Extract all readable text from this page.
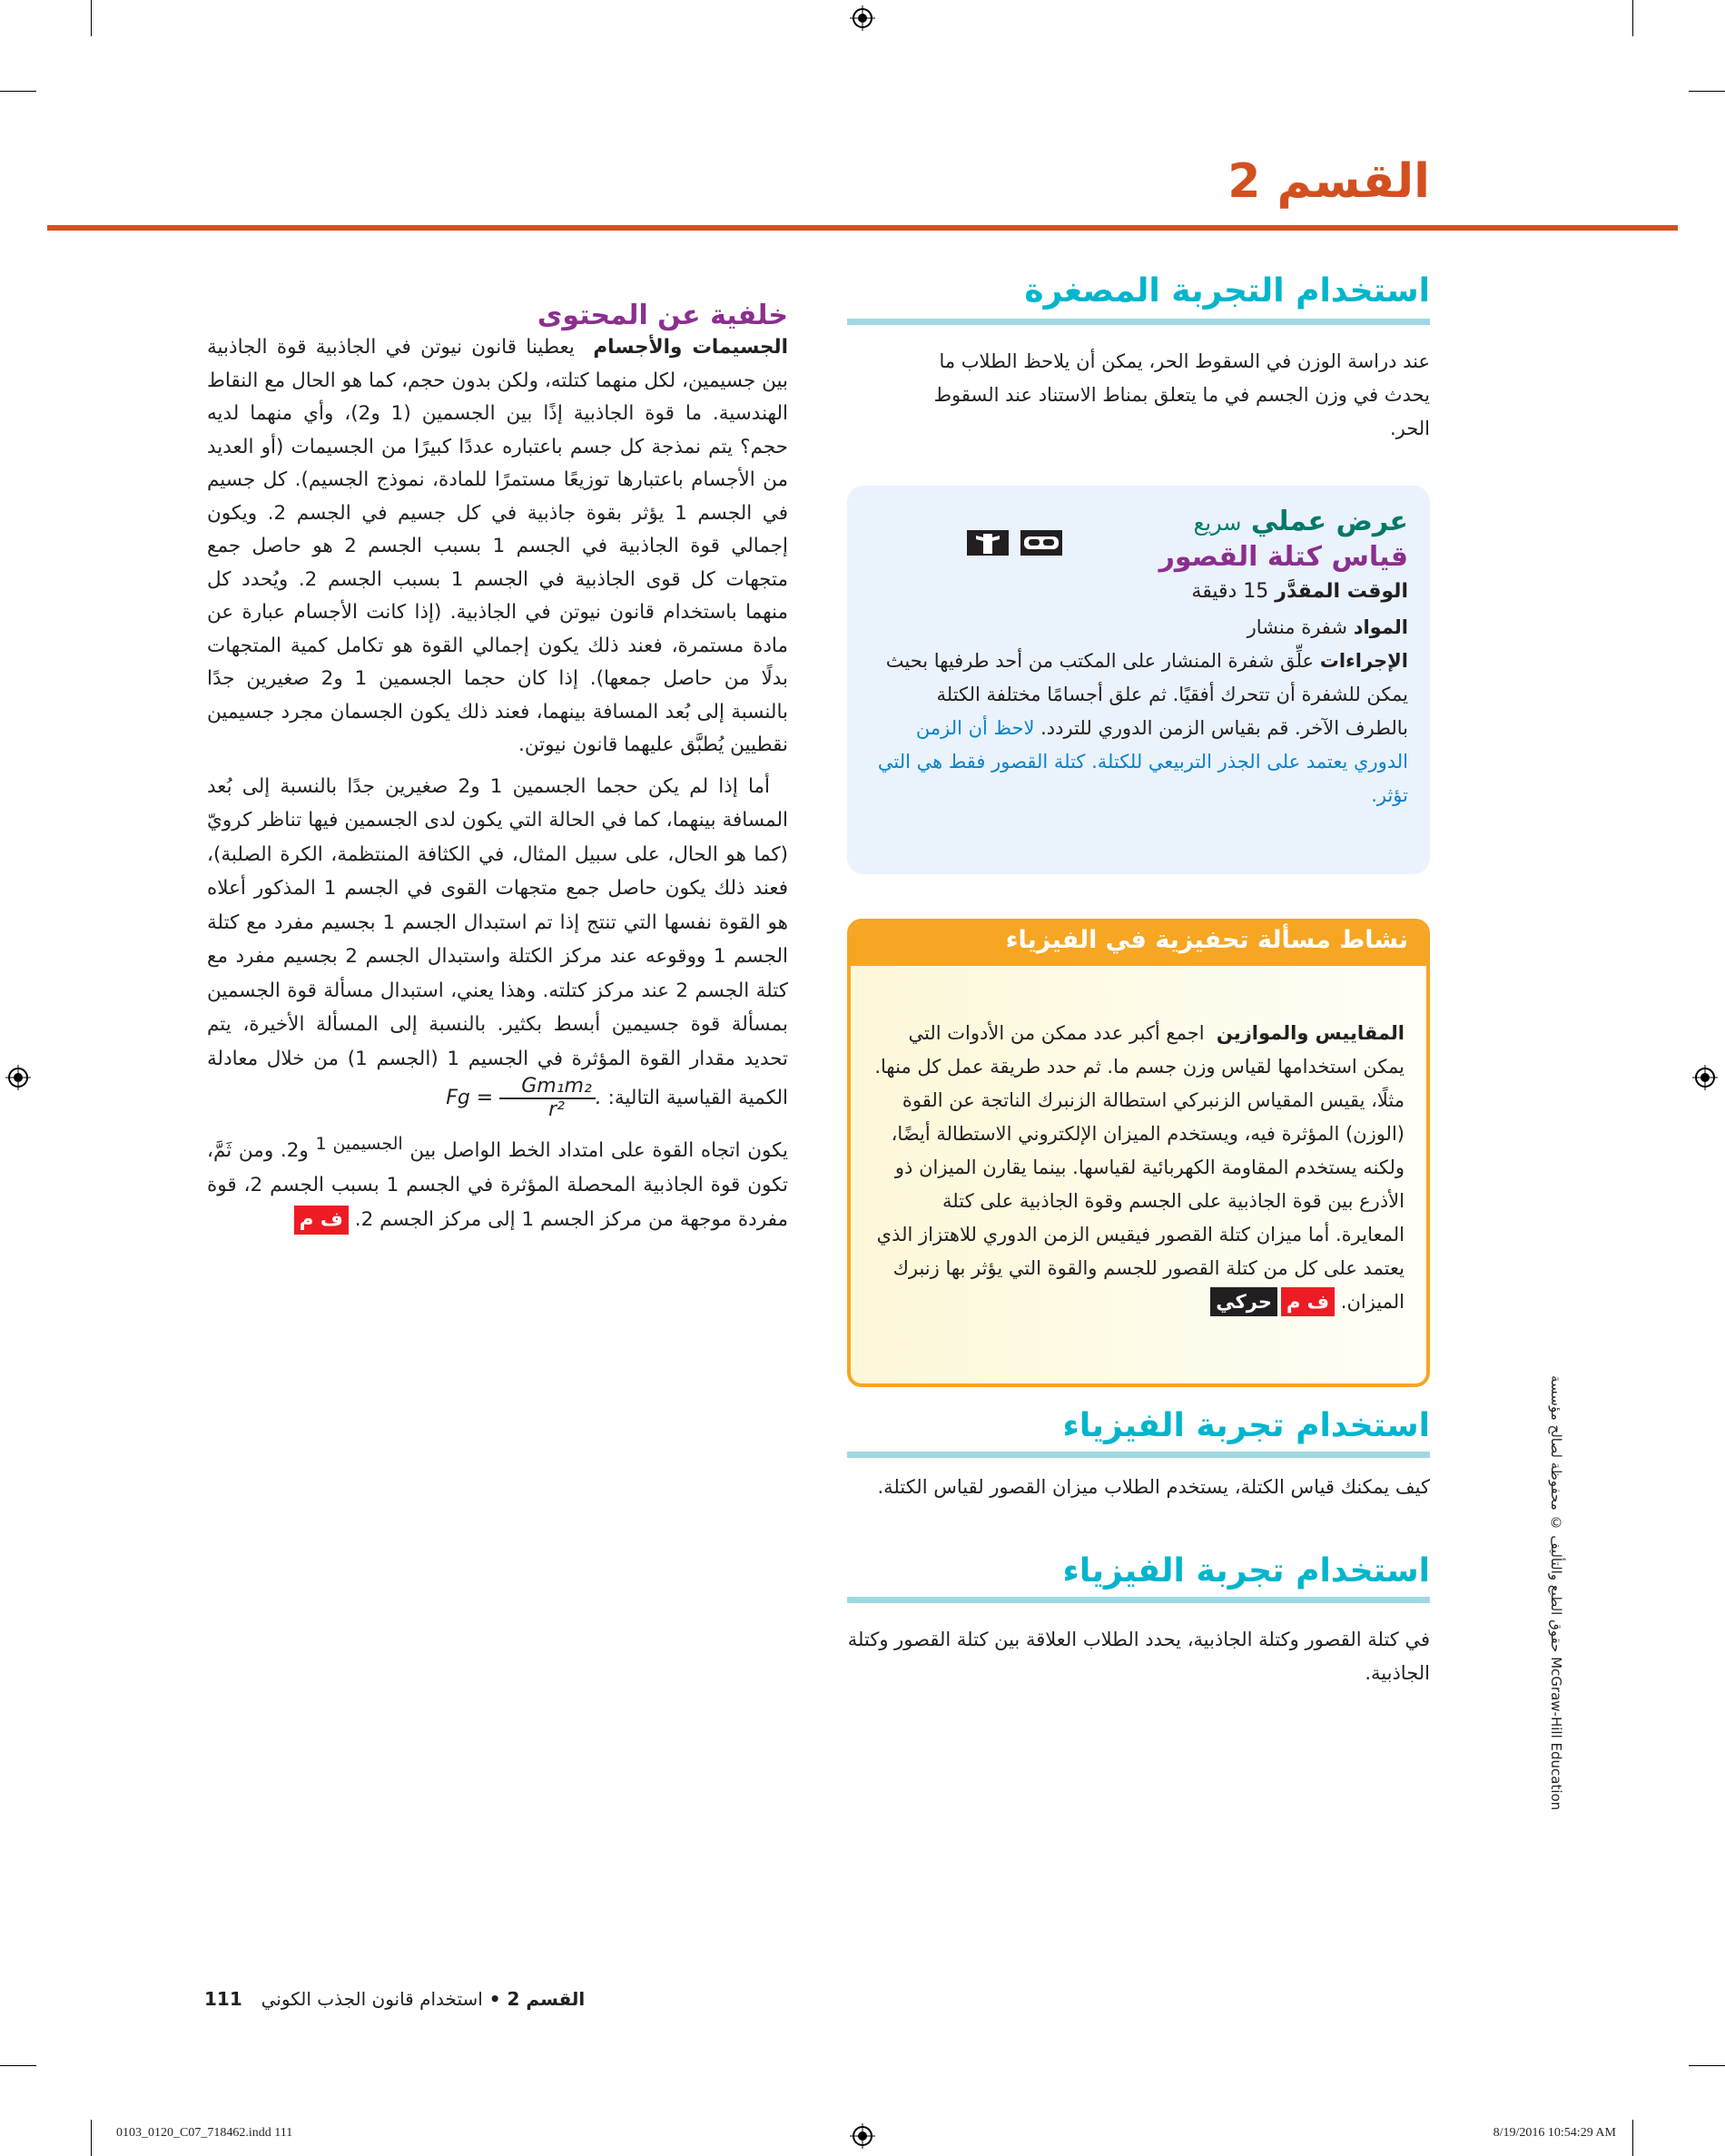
القسم 2
استخدام التجربة المصغرة
عند دراسة الوزن في السقوط الحر، يمكن أن يلاحظ الطلاب ما يحدث في وزن الجسم في ما يتعلق بمناط الاستناد عند السقوط الحر.
عرض عملي سريع
قياس كتلة القصور

الوقت المقدَّر 15 دقيقة
المواد شفرة منشار
الإجراءات علِّق شفرة المنشار على المكتب من أحد طرفيها بحيث يمكن للشفرة أن تتحرك أفقيًا. ثم علق أجسامًا مختلفة الكتلة بالطرف الآخر. قم بقياس الزمن الدوري للتردد. لاحظ أن الزمن الدوري يعتمد على الجذر التربيعي للكتلة. كتلة القصور فقط هي التي تؤثر.
نشاط مسألة تحفيزية في الفيزياء
المقاييس والموازين  اجمع أكبر عدد ممكن من الأدوات التي يمكن استخدامها لقياس وزن جسم ما. ثم حدد طريقة عمل كل منها. مثلًا، يقيس المقياس الزنبركي استطالة الزنبرك الناتجة عن القوة (الوزن) المؤثرة فيه، ويستخدم الميزان الإلكتروني الاستطالة أيضًا، ولكنه يستخدم المقاومة الكهربائية لقياسها. بينما يقارن الميزان ذو الأذرع بين قوة الجاذبية على الجسم وقوة الجاذبية على كتلة المعايرة. أما ميزان كتلة القصور فيقيس الزمن الدوري للاهتزاز الذي يعتمد على كل من كتلة القصور للجسم والقوة التي يؤثر بها زنبرك الميزان. ف محركي
استخدام تجربة الفيزياء
كيف يمكنك قياس الكتلة، يستخدم الطلاب ميزان القصور لقياس الكتلة.
استخدام تجربة الفيزياء
في كتلة القصور وكتلة الجاذبية، يحدد الطلاب العلاقة بين كتلة القصور وكتلة الجاذبية.
خلفية عن المحتوى
الجسيمات والأجسام  يعطينا قانون نيوتن في الجاذبية قوة الجاذبية بين جسيمين، لكل منهما كتلته، ولكن بدون حجم، كما هو الحال مع النقاط الهندسية. ما قوة الجاذبية إذًا بين الجسمين (1 و2)، وأي منهما لديه حجم؟ يتم نمذجة كل جسم باعتباره عددًا كبيرًا من الجسيمات (أو العديد من الأجسام باعتبارها توزيعًا مستمرًا للمادة، نموذج الجسيم). كل جسيم في الجسم 1 يؤثر بقوة جاذبية في كل جسيم في الجسم 2. ويكون إجمالي قوة الجاذبية في الجسم 1 بسبب الجسم 2 هو حاصل جمع متجهات كل قوى الجاذبية في الجسم 1 بسبب الجسم 2. ويُحدد كل منهما باستخدام قانون نيوتن في الجاذبية. (إذا كانت الأجسام عبارة عن مادة مستمرة، فعند ذلك يكون إجمالي القوة هو تكامل كمية المتجهات بدلًا من حاصل جمعها). إذا كان حجما الجسمين 1 و2 صغيرين جدًا بالنسبة إلى بُعد المسافة بينهما، فعند ذلك يكون الجسمان مجرد جسيمين نقطيين يُطبَّق عليهما قانون نيوتن.
أما إذا لم يكن حجما الجسمين 1 و2 صغيرين جدًا بالنسبة إلى بُعد المسافة بينهما، كما في الحالة التي يكون لدى الجسمين فيها تناظر كرويّ (كما هو الحال، على سبيل المثال، في الكثافة المنتظمة، الكرة الصلبة)، فعند ذلك يكون حاصل جمع متجهات القوى في الجسم 1 المذكور أعلاه هو القوة نفسها التي تنتج إذا تم استبدال الجسم 1 بجسيم مفرد مع كتلة الجسم 1 ووقوعه عند مركز الكتلة واستبدال الجسم 2 بجسيم مفرد مع كتلة الجسم 2 عند مركز كتلته. وهذا يعني، استبدال مسألة قوة الجسمين بمسألة قوة جسيمين أبسط بكثير. بالنسبة إلى المسألة الأخيرة، يتم تحديد مقدار القوة المؤثرة في الجسيم 1 (الجسم 1) من خلال معادلة الكمية القياسية التالية: $Fg = \frac{\text{Gm₁m₂}}{\text{r²}}$ .
يكون اتجاه القوة على امتداد الخط الواصل بين $^{الجسيمين 1}$ و2. ومن ثَمَّ، تكون قوة الجاذبية المحصلة المؤثرة في الجسم 1 بسبب الجسم 2، قوة مفردة موجهة من مركز الجسم 1 إلى مركز الجسم 2. ف م
القسم 2 • استخدام قانون الجذب الكوني   111
حقوق الطبع والتأليف © محفوظة لصالح مؤسسة McGraw-Hill Education
0103_0120_C07_718462.indd 111	8/19/2016 10:54:29 AM
